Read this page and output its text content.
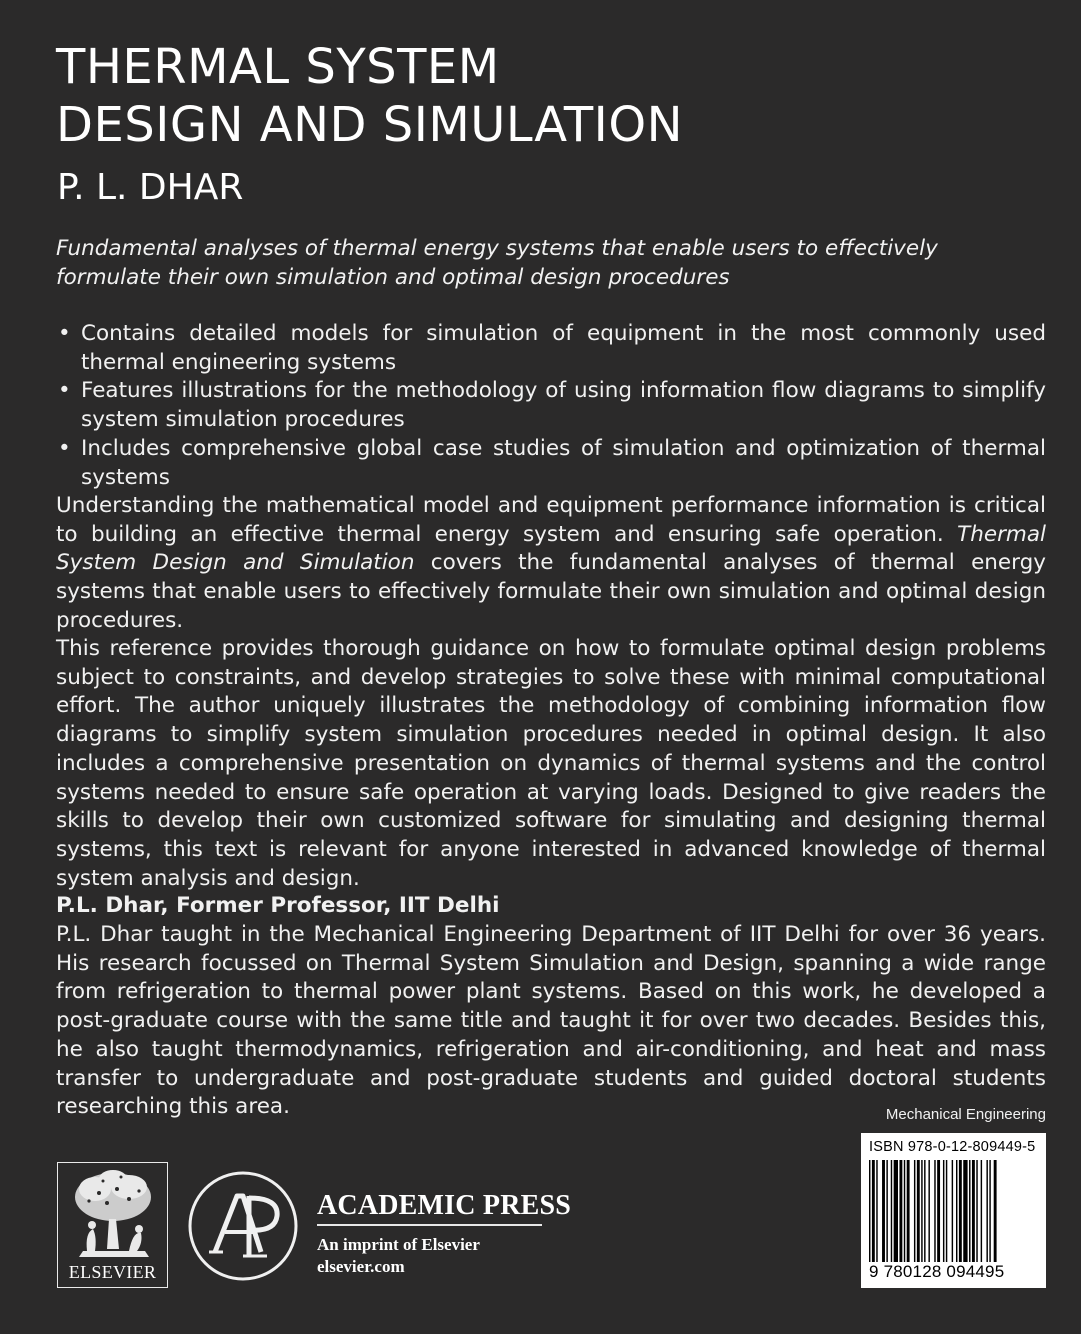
THERMAL SYSTEM
DESIGN AND SIMULATION
P. L. DHAR

Fundamental analyses of thermal energy systems that enable users to effectively formulate their own simulation and optimal design procedures

• Contains detailed models for simulation of equipment in the most commonly used thermal engineering systems
• Features illustrations for the methodology of using information flow diagrams to simplify system simulation procedures
• Includes comprehensive global case studies of simulation and optimization of thermal systems

Understanding the mathematical model and equipment performance information is critical to building an effective thermal energy system and ensuring safe operation. Thermal System Design and Simulation covers the fundamental analyses of thermal energy systems that enable users to effectively formulate their own simulation and optimal design procedures.

This reference provides thorough guidance on how to formulate optimal design problems subject to constraints, and develop strategies to solve these with minimal computational effort. The author uniquely illustrates the methodology of combining information flow diagrams to simplify system simulation procedures needed in optimal design. It also includes a comprehensive presentation on dynamics of thermal systems and the control systems needed to ensure safe operation at varying loads. Designed to give readers the skills to develop their own customized software for simulating and designing thermal systems, this text is relevant for anyone interested in advanced knowledge of thermal system analysis and design.

P.L. Dhar, Former Professor, IIT Delhi

P.L. Dhar taught in the Mechanical Engineering Department of IIT Delhi for over 36 years. His research focussed on Thermal System Simulation and Design, spanning a wide range from refrigeration to thermal power plant systems. Based on this work, he developed a post-graduate course with the same title and taught it for over two decades. Besides this, he also taught thermodynamics, refrigeration and air-conditioning, and heat and mass transfer to undergraduate and post-graduate students and guided doctoral students researching this area.	Mechanical Engineering
ISBN 978-0-12-809449-5
9 780128 094495
ELSEVIER
ACADEMIC PRESS
An imprint of Elsevier
elsevier.com
